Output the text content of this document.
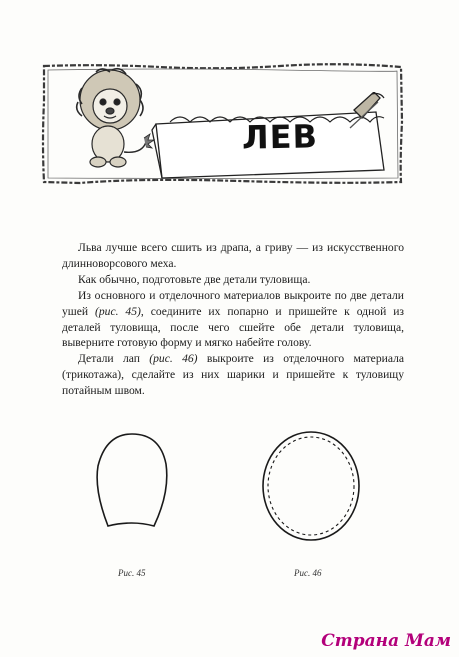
ЛЕВ

Льва лучше всего сшить из драпа, а гриву — из искусственного длинноворсового меха.

Как обычно, подготовьте две детали туловища.

Из основного и отделочного материалов выкроите по две детали ушей (рис. 45), соедините их попарно и пришейте к одной из деталей туловища, после чего сшейте обе детали туловища, выверните готовую форму и мягко набейте голову.

Детали лап (рис. 46) выкроите из отделочного материала (трикотажа), сделайте из них шарики и пришейте к туловищу потайным швом.

Рис. 45	Рис. 46
Страна Мам
